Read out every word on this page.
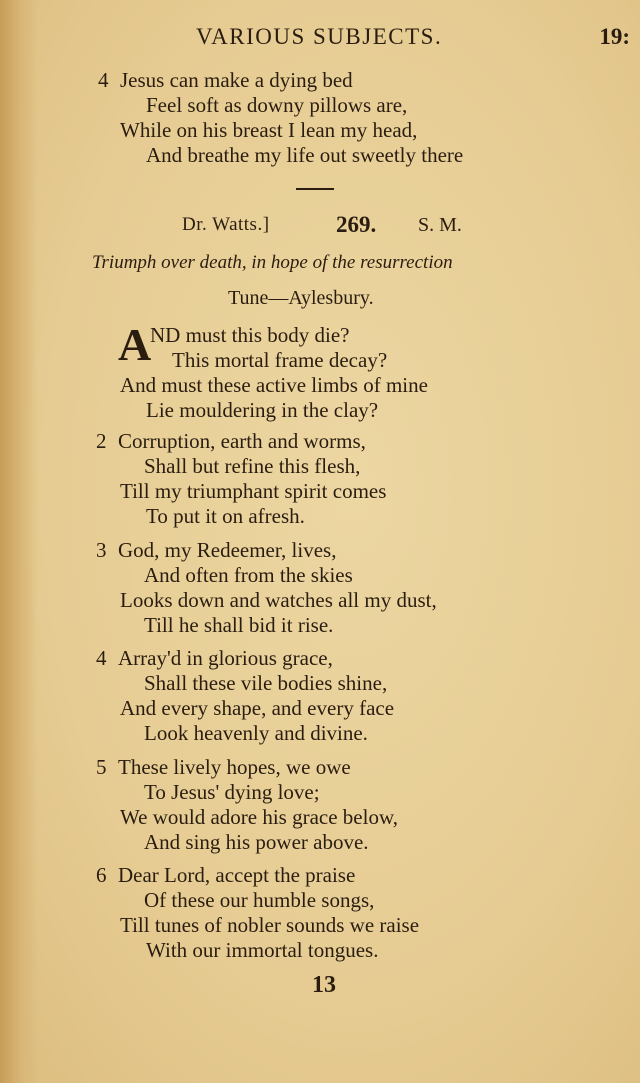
VARIOUS SUBJECTS.	19:
4 Jesus can make a dying bed
Feel soft as downy pillows are,
While on his breast I lean my head,
And breathe my life out sweetly there
Dr. Watts.]	269. S. M.
Triumph over death, in hope of the resurrection
Tune—Aylesbury.
A
ND must this body die?
This mortal frame decay?
And must these active limbs of mine
Lie mouldering in the clay?
2 Corruption, earth and worms,
Shall but refine this flesh,
Till my triumphant spirit comes
To put it on afresh.
3 God, my Redeemer, lives,
And often from the skies
Looks down and watches all my dust,
Till he shall bid it rise.
4 Array'd in glorious grace,
Shall these vile bodies shine,
And every shape, and every face
Look heavenly and divine.
5 These lively hopes, we owe
To Jesus' dying love;
We would adore his grace below,
And sing his power above.
6 Dear Lord, accept the praise
Of these our humble songs,
Till tunes of nobler sounds we raise
With our immortal tongues.
13
